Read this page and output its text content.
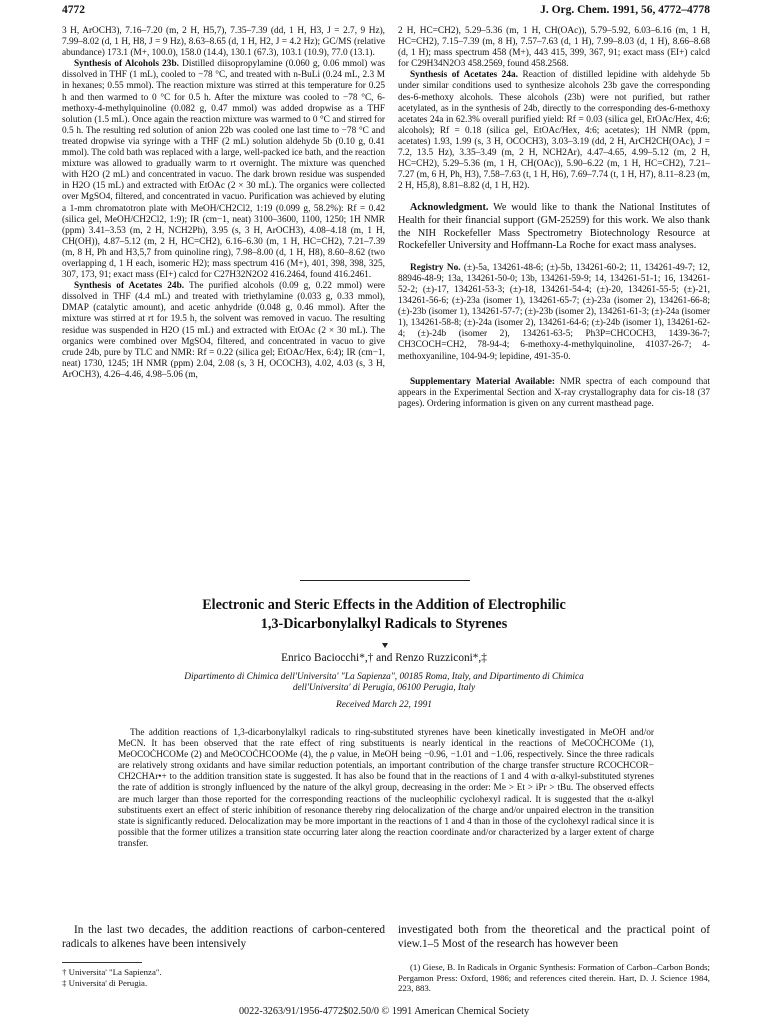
4772	J. Org. Chem. 1991, 56, 4772–4778

3 H, ArOCH3), 7.16–7.20 (m, 2 H, H5,7), 7.35–7.39 (dd, 1 H, H3, J = 2.7, 9 Hz), 7.99–8.02 (d, 1 H, H8, J = 9 Hz), 8.63–8.65 (d, 1 H, H2, J = 4.2 Hz); GC/MS (relative abundance) 173.1 (M+, 100.0), 158.0 (14.4), 130.1 (67.3), 103.1 (10.9), 77.0 (13.1).

Synthesis of Alcohols 23b. Distilled diisopropylamine (0.060 g, 0.06 mmol) was dissolved in THF (1 mL), cooled to −78 °C, and treated with n-BuLi (0.24 mL, 2.3 M in hexanes; 0.55 mmol). The reaction mixture was stirred at this temperature for 0.25 h and then warmed to 0 °C for 0.5 h. After the mixture was cooled to −78 °C, 6-methoxy-4-methylquinoline (0.082 g, 0.47 mmol) was added dropwise as a THF solution (1.5 mL). Once again the reaction mixture was warmed to 0 °C and stirred for 0.5 h. The resulting red solution of anion 22b was cooled one last time to −78 °C and treated dropwise via syringe with a THF (2 mL) solution aldehyde 5b (0.10 g, 0.41 mmol). The cold bath was replaced with a large, well-packed ice bath, and the reaction mixture was allowed to gradually warm to rt overnight. The mixture was quenched with H2O (2 mL) and concentrated in vacuo. The dark brown residue was suspended in H2O (15 mL) and extracted with EtOAc (2 × 30 mL). The organics were collected over MgSO4, filtered, and concentrated in vacuo. Purification was achieved by eluting a 1-mm chromatotron plate with MeOH/CH2Cl2, 1:19 (0.099 g, 58.2%): Rf = 0.42 (silica gel, MeOH/CH2Cl2, 1:9); IR (cm−1, neat) 3100–3600, 1100, 1250; 1H NMR (ppm) 3.41–3.53 (m, 2 H, NCH2Ph), 3.95 (s, 3 H, ArOCH3), 4.08–4.18 (m, 1 H, CH(OH)), 4.87–5.12 (m, 2 H, HC=CH2), 6.16–6.30 (m, 1 H, HC=CH2), 7.21–7.39 (m, 8 H, Ph and H3,5,7 from quinoline ring), 7.98–8.00 (d, 1 H, H8), 8.60–8.62 (two overlapping d, 1 H each, isomeric H2); mass spectrum 416 (M+), 401, 398, 398, 325, 307, 173, 91; exact mass (EI+) calcd for C27H32N2O2 416.2464, found 416.2461.

Synthesis of Acetates 24b. The purified alcohols (0.09 g, 0.22 mmol) were dissolved in THF (4.4 mL) and treated with triethylamine (0.033 g, 0.33 mmol), DMAP (catalytic amount), and acetic anhydride (0.048 g, 0.46 mmol). After the mixture was stirred at rt for 19.5 h, the solvent was removed in vacuo. The resulting residue was suspended in H2O (15 mL) and extracted with EtOAc (2 × 30 mL). The organics were combined over MgSO4, filtered, and concentrated in vacuo to give crude 24b, pure by TLC and NMR: Rf = 0.22 (silica gel; EtOAc/Hex, 6:4); IR (cm−1, neat) 1730, 1245; 1H NMR (ppm) 2.04, 2.08 (s, 3 H, OCOCH3), 4.02, 4.03 (s, 3 H, ArOCH3), 4.26–4.46, 4.98–5.06 (m,

2 H, HC=CH2), 5.29–5.36 (m, 1 H, CH(OAc)), 5.79–5.92, 6.03–6.16 (m, 1 H, HC=CH2), 7.15–7.39 (m, 8 H), 7.57–7.63 (d, 1 H), 7.99–8.03 (d, 1 H), 8.66–8.68 (d, 1 H); mass spectrum 458 (M+), 443 415, 399, 367, 91; exact mass (EI+) calcd for C29H34N2O3 458.2569, found 458.2568.

Synthesis of Acetates 24a. Reaction of distilled lepidine with aldehyde 5b under similar conditions used to synthesize alcohols 23b gave the corresponding des-6-methoxy alcohols. These alcohols (23b) were not purified, but rather acetylated, as in the synthesis of 24b, directly to the corresponding des-6-methoxy acetates 24a in 62.3% overall purified yield: Rf = 0.03 (silica gel, EtOAc/Hex, 4:6; alcohols); Rf = 0.18 (silica gel, EtOAc/Hex, 4:6; acetates); 1H NMR (ppm, acetates) 1.93, 1.99 (s, 3 H, OCOCH3), 3.03–3.19 (dd, 2 H, ArCH2CH(OAc), J = 7.2, 13.5 Hz), 3.35–3.49 (m, 2 H, NCH2Ar), 4.47–4.65, 4.99–5.12 (m, 2 H, HC=CH2), 5.29–5.36 (m, 1 H, CH(OAc)), 5.90–6.22 (m, 1 H, HC=CH2), 7.21–7.27 (m, 6 H, Ph, H3), 7.58–7.63 (t, 1 H, H6), 7.69–7.74 (t, 1 H, H7), 8.11–8.23 (m, 2 H, H5,8), 8.81–8.82 (d, 1 H, H2).

Acknowledgment. We would like to thank the National Institutes of Health for their financial support (GM-25259) for this work. We also thank the NIH Rockefeller Mass Spectrometry Biotechnology Resource at Rockefeller University and Hoffmann-La Roche for exact mass analyses.

Registry No. (±)-5a, 134261-48-6; (±)-5b, 134261-60-2; 11, 134261-49-7; 12, 88946-48-9; 13a, 134261-50-0; 13b, 134261-59-9; 14, 134261-51-1; 16, 134261-52-2; (±)-17, 134261-53-3; (±)-18, 134261-54-4; (±)-20, 134261-55-5; (±)-21, 134261-56-6; (±)-23a (isomer 1), 134261-65-7; (±)-23a (isomer 2), 134261-66-8; (±)-23b (isomer 1), 134261-57-7; (±)-23b (isomer 2), 134261-61-3; (±)-24a (isomer 1), 134261-58-8; (±)-24a (isomer 2), 134261-64-6; (±)-24b (isomer 1), 134261-62-4; (±)-24b (isomer 2), 134261-63-5; Ph3P=CHCOCH3, 1439-36-7; CH3COCH=CH2, 78-94-4; 6-methoxy-4-methylquinoline, 41037-26-7; 4-methoxyaniline, 104-94-9; lepidine, 491-35-0.

Supplementary Material Available: NMR spectra of each compound that appears in the Experimental Section and X-ray crystallography data for cis-18 (37 pages). Ordering information is given on any current masthead page.

Electronic and Steric Effects in the Addition of Electrophilic
1,3-Dicarbonylalkyl Radicals to Styrenes
Enrico Baciocchi*,† and Renzo Ruzziconi*,‡
Dipartimento di Chimica dell'Universita' "La Sapienza", 00185 Roma, Italy, and Dipartimento di Chimica
dell'Universita' di Perugia, 06100 Perugia, Italy
Received March 22, 1991
The addition reactions of 1,3-dicarbonylalkyl radicals to ring-substituted styrenes have been kinetically investigated in MeOH and/or MeCN. It has been observed that the rate effect of ring substituents is nearly identical in the reactions of MeCOĊHCOMe (1), MeOCOĊHCOMe (2) and MeOCOĊHCOOMe (4), the ρ value, in MeOH being −0.96, −1.01 and −1.06, respectively. Since the three radicals are relatively strong oxidants and have similar reduction potentials, an important contribution of the charge transfer structure RCOCHCOR− CH2CHAr•+ to the addition transition state is suggested. It has also be found that in the reactions of 1 and 4 with α-alkyl-substituted styrenes the rate of addition is strongly influenced by the nature of the alkyl group, decreasing in the order: Me > Et > iPr > tBu. The observed effects are much larger than those reported for the corresponding reactions of the nucleophilic cyclohexyl radical. It is suggested that the α-alkyl substituents exert an effect of steric inhibition of resonance thereby ring delocalization of the charge and/or unpaired electron in the transition state is significantly reduced. Delocalization may be more important in the reactions of 1 and 4 than in those of the cyclohexyl radical since it is possible that the former utilizes a transition state occurring later along the reaction coordinate and/or characterized by a larger extent of charge transfer.
In the last two decades, the addition reactions of carbon-centered radicals to alkenes have been intensively
investigated both from the theoretical and the practical point of view.1–5 Most of the research has however been
† Universita' "La Sapienza".
‡ Universita' di Perugia.
(1) Giese, B. In Radicals in Organic Synthesis: Formation of Carbon–Carbon Bonds; Pergamon Press: Oxford, 1986; and references cited therein. Hart, D. J. Science 1984, 223, 883.
0022-3263/91/1956-4772$02.50/0 © 1991 American Chemical Society
